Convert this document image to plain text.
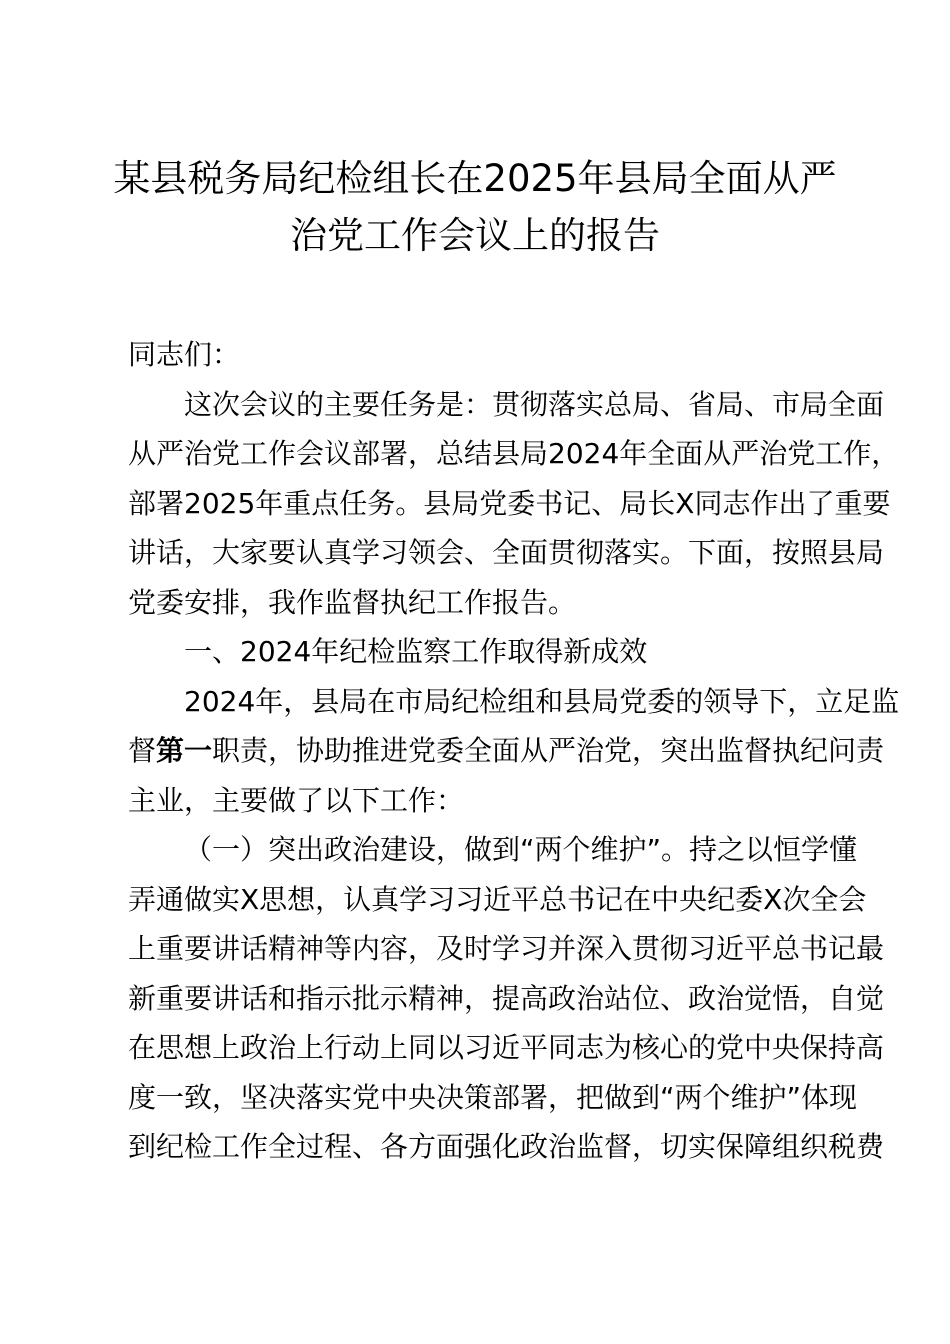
某县税务局纪检组长在2025年县局全面从严
治党工作会议上的报告
同志们：
这次会议的主要任务是：贯彻落实总局、省局、市局全面
从严治党工作会议部署，总结县局2024年全面从严治党工作，
部署2025年重点任务。县局党委书记、局长X同志作出了重要
讲话，大家要认真学习领会、全面贯彻落实。下面，按照县局
党委安排，我作监督执纪工作报告。
一、2024年纪检监察工作取得新成效
2024年，县局在市局纪检组和县局党委的领导下，立足监
督第一职责，协助推进党委全面从严治党，突出监督执纪问责
主业，主要做了以下工作：
（一）突出政治建设，做到“两个维护”。持之以恒学懂
弄通做实X思想，认真学习习近平总书记在中央纪委X次全会
上重要讲话精神等内容，及时学习并深入贯彻习近平总书记最
新重要讲话和指示批示精神，提高政治站位、政治觉悟，自觉
在思想上政治上行动上同以习近平同志为核心的党中央保持高
度一致，坚决落实党中央决策部署，把做到“两个维护”体现
到纪检工作全过程、各方面强化政治监督，切实保障组织税费
